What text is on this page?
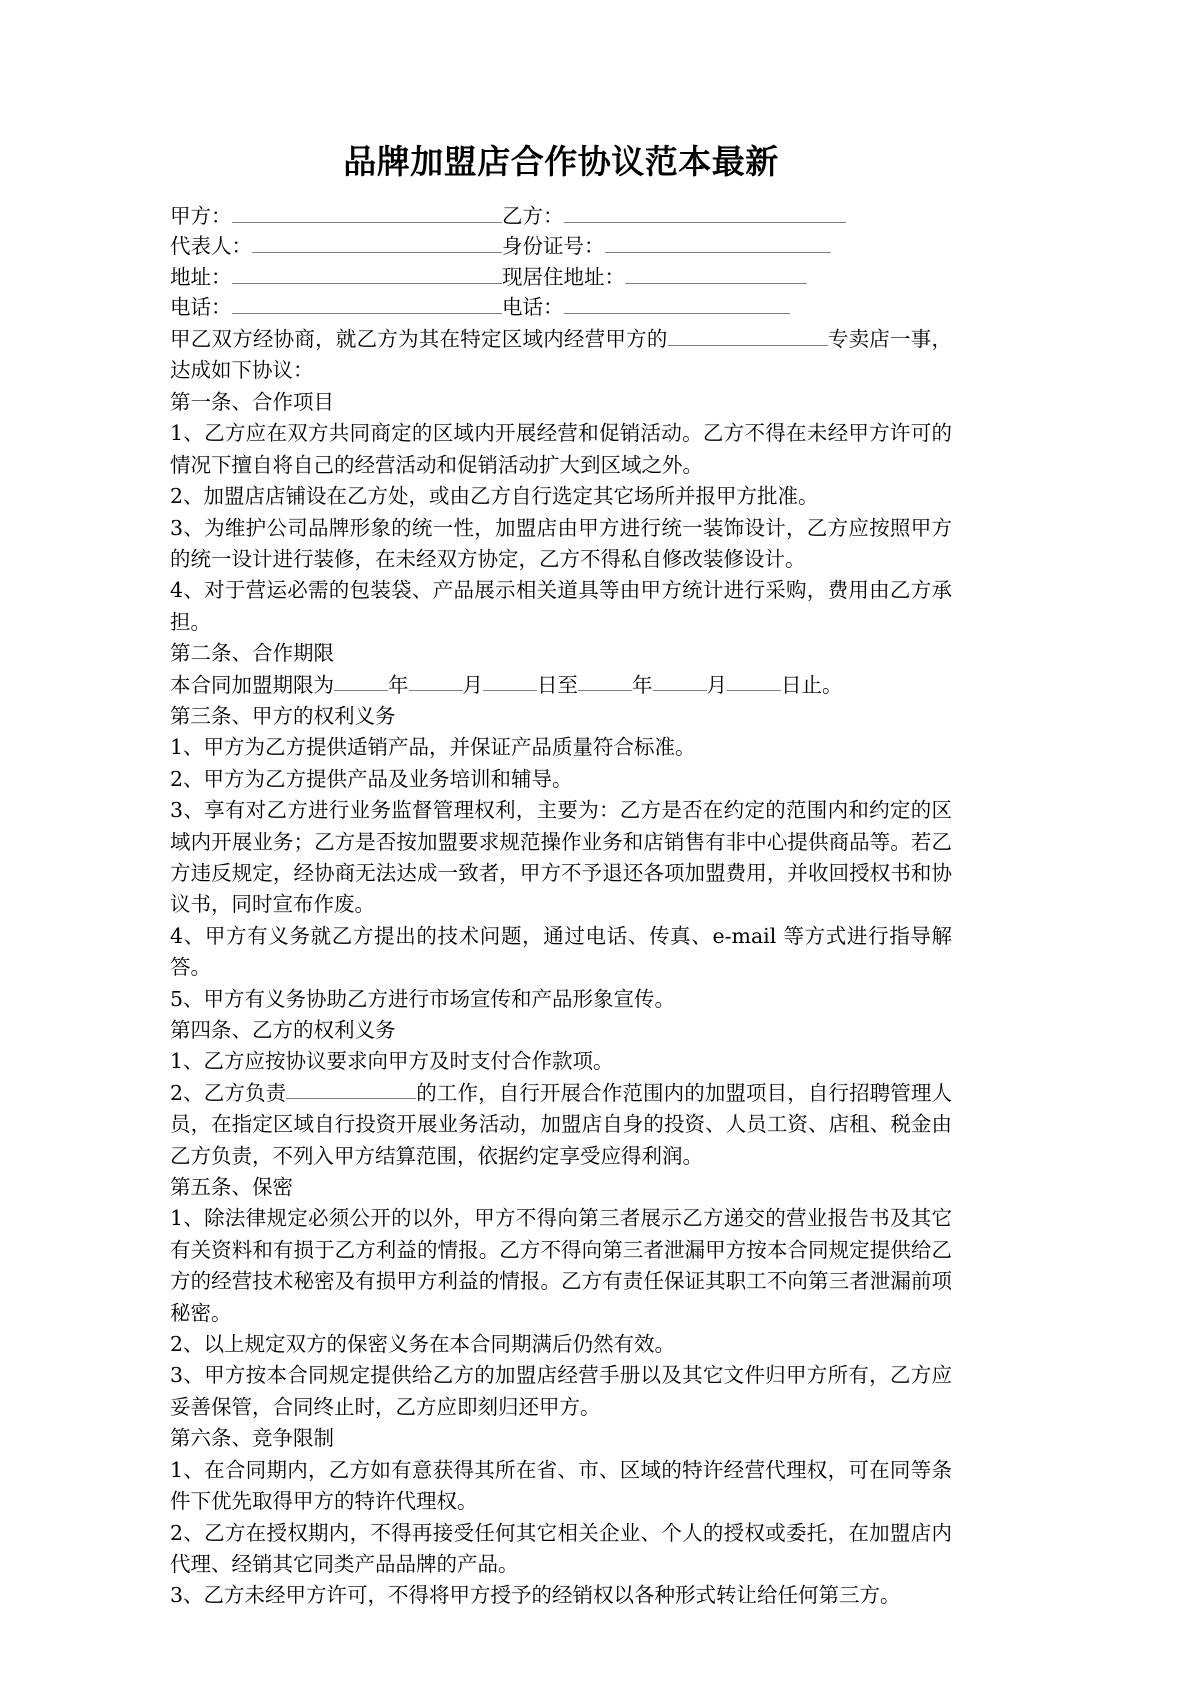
品牌加盟店合作协议范本最新
甲方：	乙方：
代表人：	身份证号：
地址：	现居住地址：
电话：	电话：

甲乙双方经协商，就乙方为其在特定区域内经营甲方的	专卖店一事，达成如下协议：

第一条、合作项目

1、乙方应在双方共同商定的区域内开展经营和促销活动。乙方不得在未经甲方许可的情况下擅自将自己的经营活动和促销活动扩大到区域之外。

2、加盟店店铺设在乙方处，或由乙方自行选定其它场所并报甲方批准。

3、为维护公司品牌形象的统一性，加盟店由甲方进行统一装饰设计，乙方应按照甲方的统一设计进行装修，在未经双方协定，乙方不得私自修改装修设计。

4、对于营运必需的包装袋、产品展示相关道具等由甲方统计进行采购，费用由乙方承担。

第二条、合作期限

本合同加盟期限为	年	月	日至	年	月	日止。

第三条、甲方的权利义务

1、甲方为乙方提供适销产品，并保证产品质量符合标准。

2、甲方为乙方提供产品及业务培训和辅导。

3、享有对乙方进行业务监督管理权利，主要为：乙方是否在约定的范围内和约定的区域内开展业务；乙方是否按加盟要求规范操作业务和店销售有非中心提供商品等。若乙方违反规定，经协商无法达成一致者，甲方不予退还各项加盟费用，并收回授权书和协议书，同时宣布作废。

4、甲方有义务就乙方提出的技术问题，通过电话、传真、e-mail 等方式进行指导解答。

5、甲方有义务协助乙方进行市场宣传和产品形象宣传。

第四条、乙方的权利义务

1、乙方应按协议要求向甲方及时支付合作款项。

2、乙方负责	的工作，自行开展合作范围内的加盟项目，自行招聘管理人员，在指定区域自行投资开展业务活动，加盟店自身的投资、人员工资、店租、税金由乙方负责，不列入甲方结算范围，依据约定享受应得利润。

第五条、保密

1、除法律规定必须公开的以外，甲方不得向第三者展示乙方递交的营业报告书及其它有关资料和有损于乙方利益的情报。乙方不得向第三者泄漏甲方按本合同规定提供给乙方的经营技术秘密及有损甲方利益的情报。乙方有责任保证其职工不向第三者泄漏前项秘密。

2、以上规定双方的保密义务在本合同期满后仍然有效。

3、甲方按本合同规定提供给乙方的加盟店经营手册以及其它文件归甲方所有，乙方应妥善保管，合同终止时，乙方应即刻归还甲方。

第六条、竞争限制

1、在合同期内，乙方如有意获得其所在省、市、区域的特许经营代理权，可在同等条件下优先取得甲方的特许代理权。

2、乙方在授权期内，不得再接受任何其它相关企业、个人的授权或委托，在加盟店内代理、经销其它同类产品品牌的产品。

3、乙方未经甲方许可，不得将甲方授予的经销权以各种形式转让给任何第三方。
